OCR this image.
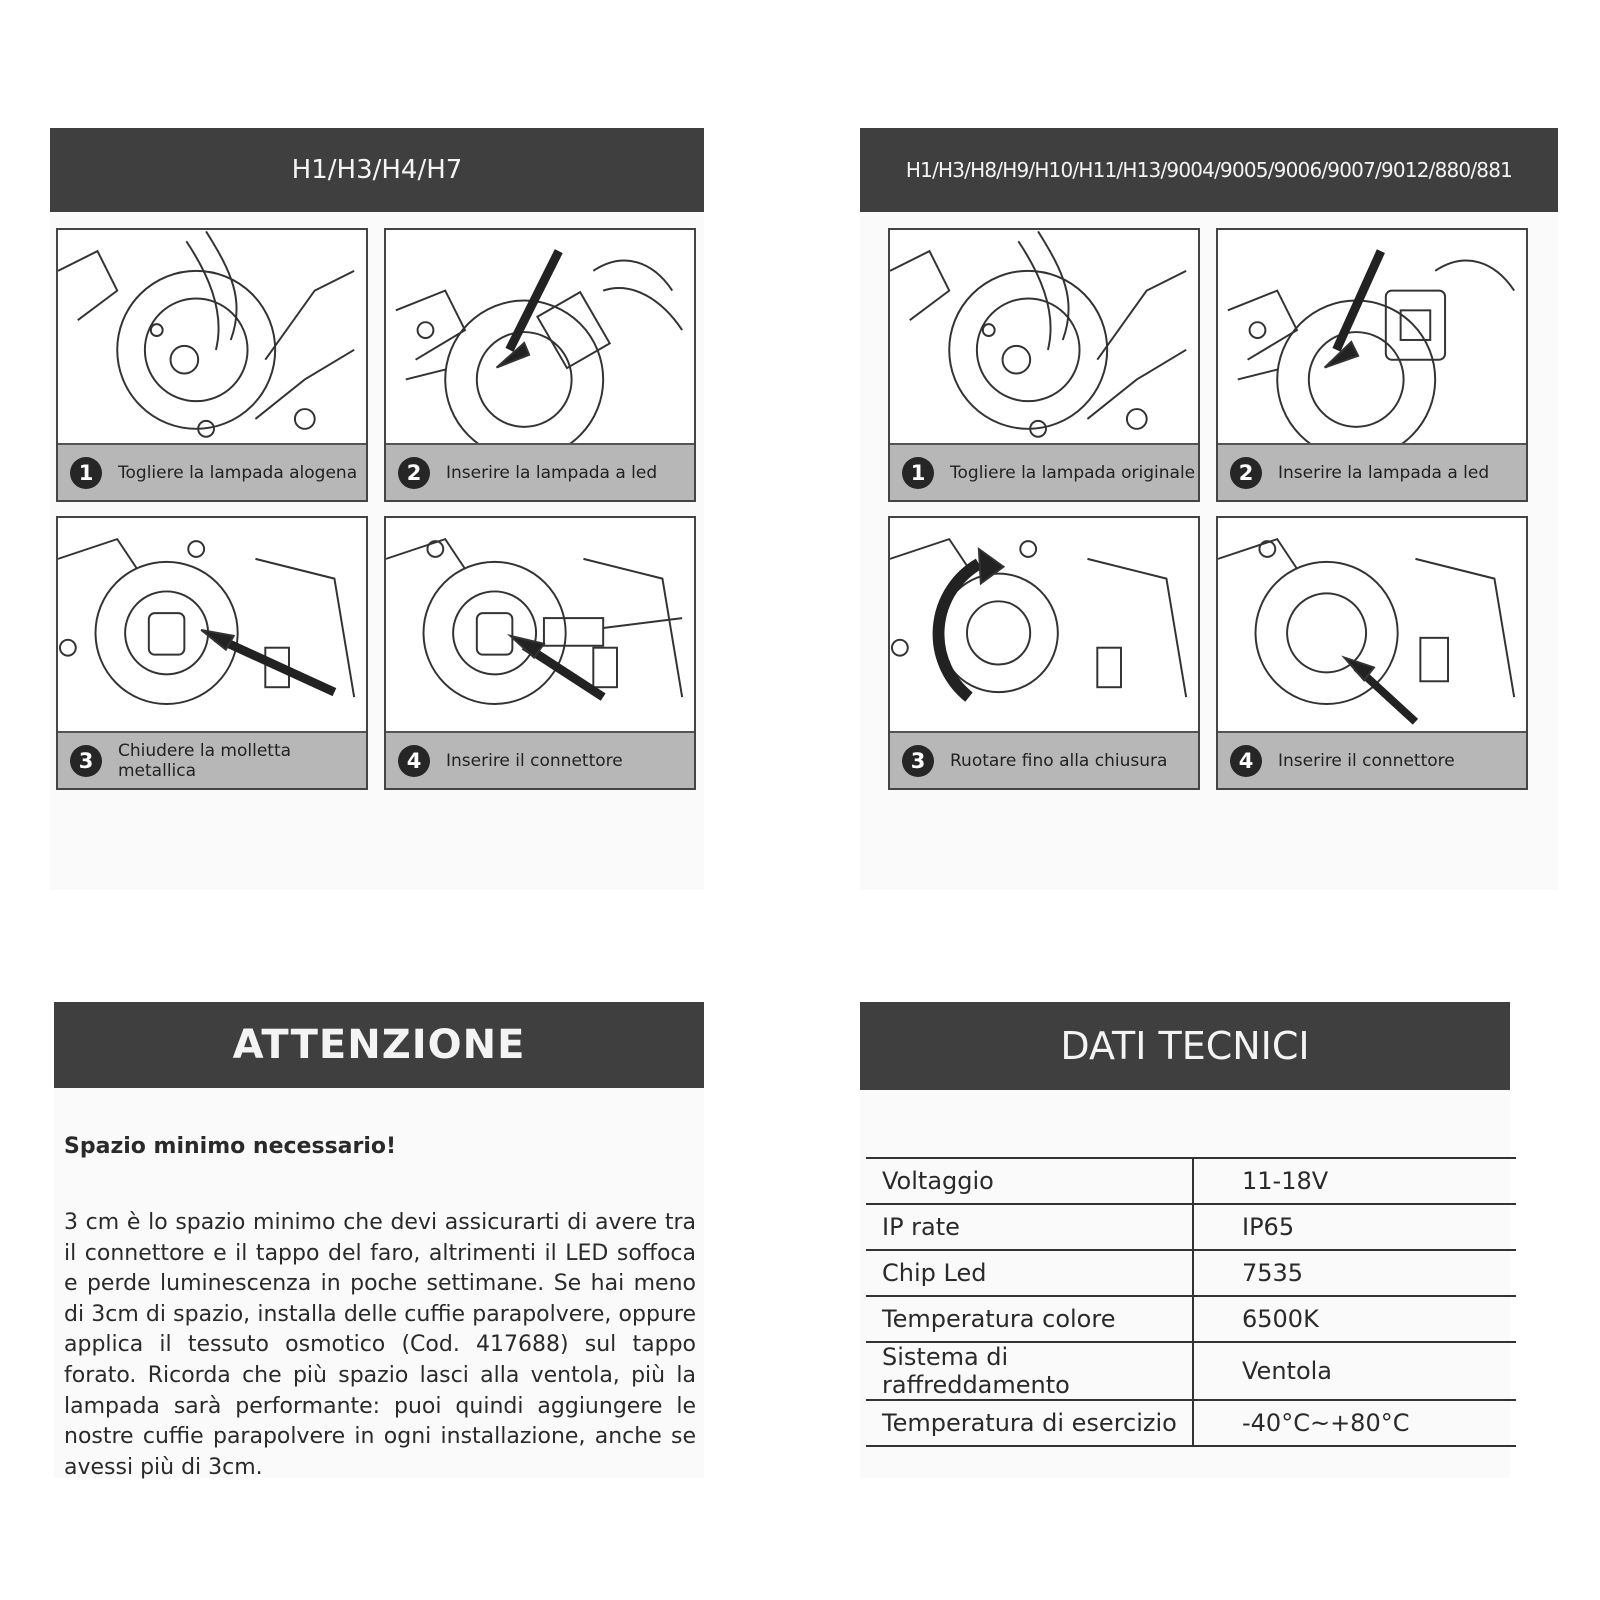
H1/H3/H4/H7
1	Togliere la lampada alogena	2	Inserire la lampada a led
3	Chiudere la molletta metallica	4	Inserire il connettore
H1/H3/H8/H9/H10/H11/H13/9004/9005/9006/9007/9012/880/881
1	Togliere la lampada originale	2	Inserire la lampada a led
3	Ruotare fino alla chiusura	4	Inserire il connettore
ATTENZIONE
Spazio minimo necessario!
3 cm è lo spazio minimo che devi assicurarti di avere tra il connettore e il tappo del faro, altrimenti il LED soffoca e perde luminescenza in poche settimane. Se hai meno di 3cm di spazio, installa delle cuffie parapolvere, oppure applica il tessuto osmotico (Cod. 417688) sul tappo forato. Ricorda che più spazio lasci alla ventola, più la lampada sarà performante: puoi quindi aggiungere le nostre cuffie parapolvere in ogni installazione, anche se avessi più di 3cm.
DATI TECNICI
Voltaggio	11-18V
IP rate	IP65
Chip Led	7535
Temperatura colore	6500K
Sistema di raffreddamento	Ventola
Temperatura di esercizio	-40°C~+80°C
